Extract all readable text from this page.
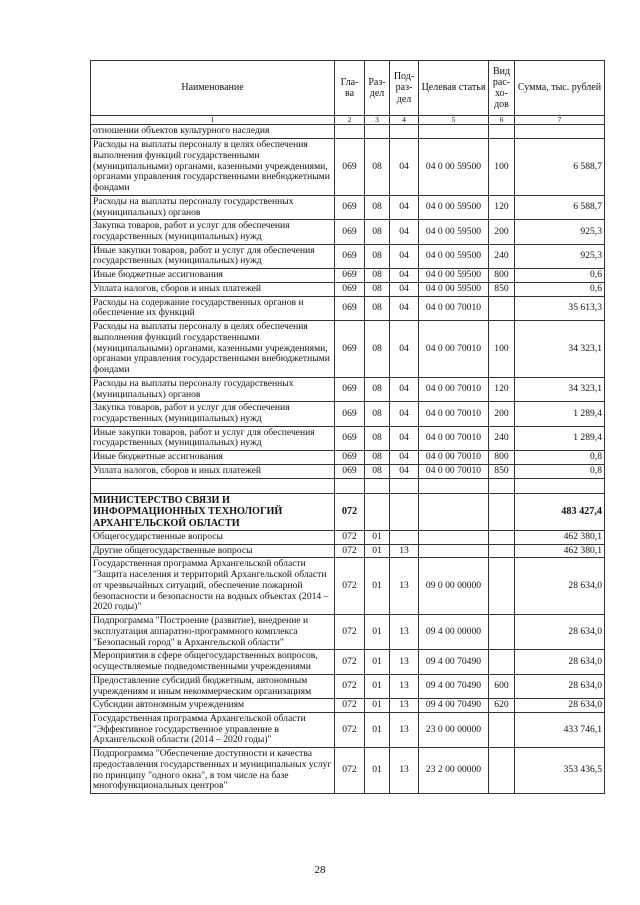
Наименование	Гла-ва	Раз-дел	Под-раз-дел	Целевая статья	Вид рас-хо-дов	Сумма, тыс. рублей
1	2	3	4	5	6	7
отношении объектов культурного наследия						
Расходы на выплаты персоналу в целях обеспечения выполнения функций государственными (муниципальными) органами, казенными учреждениями, органами управления государственными внебюджетными фондами	069	08	04	04 0 00 59500	100	6 588,7
Расходы на выплаты персоналу государственных (муниципальных) органов	069	08	04	04 0 00 59500	120	6 588,7
Закупка товаров, работ и услуг для обеспечения государственных (муниципальных) нужд	069	08	04	04 0 00 59500	200	925,3
Иные закупки товаров, работ и услуг для обеспечения государственных (муниципальных) нужд	069	08	04	04 0 00 59500	240	925,3
Иные бюджетные ассигнования	069	08	04	04 0 00 59500	800	0,6
Уплата налогов, сборов и иных платежей	069	08	04	04 0 00 59500	850	0,6
Расходы на содержание государственных органов и обеспечение их функций	069	08	04	04 0 00 70010		35 613,3
Расходы на выплаты персоналу в целях обеспечения выполнения функций государственными (муниципальными) органами, казенными учреждениями, органами управления государственными внебюджетными фондами	069	08	04	04 0 00 70010	100	34 323,1
Расходы на выплаты персоналу государственных (муниципальных) органов	069	08	04	04 0 00 70010	120	34 323,1
Закупка товаров, работ и услуг для обеспечения государственных (муниципальных) нужд	069	08	04	04 0 00 70010	200	1 289,4
Иные закупки товаров, работ и услуг для обеспечения государственных (муниципальных) нужд	069	08	04	04 0 00 70010	240	1 289,4
Иные бюджетные ассигнования	069	08	04	04 0 00 70010	800	0,8
Уплата налогов, сборов и иных платежей	069	08	04	04 0 00 70010	850	0,8

МИНИСТЕРСТВО СВЯЗИ И ИНФОРМАЦИОННЫХ ТЕХНОЛОГИЙ АРХАНГЕЛЬСКОЙ ОБЛАСТИ	072					483 427,4
Общегосударственные вопросы	072	01				462 380,1
Другие общегосударственные вопросы	072	01	13			462 380,1
Государственная программа Архангельской области "Защита населения и территорий Архангельской области от чрезвычайных ситуаций, обеспечение пожарной безопасности и безопасности на водных объектах (2014 – 2020 годы)"	072	01	13	09 0 00 00000		28 634,0
Подпрограмма "Построение (развитие), внедрение и эксплуатация аппаратно-программного комплекса "Безопасный город" в Архангельской области"	072	01	13	09 4 00 00000		28 634,0
Мероприятия в сфере общегосударственных вопросов, осуществляемые подведомственными учреждениями	072	01	13	09 4 00 70490		28 634,0
Предоставление субсидий бюджетным, автономным учреждениям и иным некоммерческим организациям	072	01	13	09 4 00 70490	600	28 634,0
Субсидии автономным учреждениям	072	01	13	09 4 00 70490	620	28 634,0
Государственная программа Архангельской области "Эффективное государственное управление в Архангельской области (2014 – 2020 годы)"	072	01	13	23 0 00 00000		433 746,1
Подпрограмма "Обеспечение доступности и качества предоставления государственных и муниципальных услуг по принципу "одного окна", в том числе на базе многофункциональных центров"	072	01	13	23 2 00 00000		353 436,5
28
